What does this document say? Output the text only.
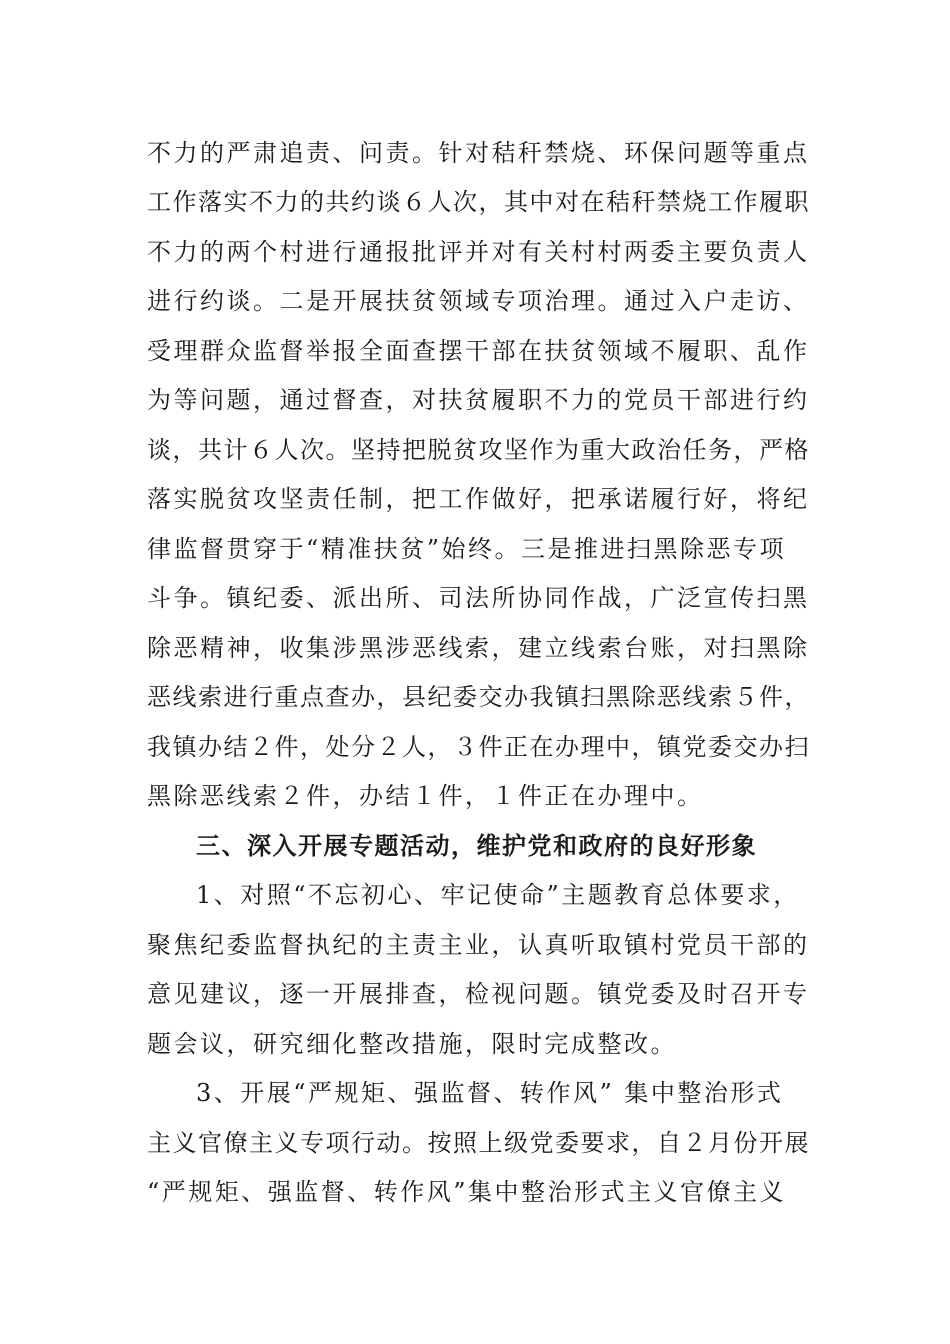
不力的严肃追责、问责。针对秸秆禁烧、环保问题等重点
工作落实不力的共约谈６人次，其中对在秸秆禁烧工作履职
不力的两个村进行通报批评并对有关村村两委主要负责人
进行约谈。二是开展扶贫领域专项治理。通过入户走访、
受理群众监督举报全面查摆干部在扶贫领域不履职、乱作
为等问题，通过督查，对扶贫履职不力的党员干部进行约
谈，共计６人次。坚持把脱贫攻坚作为重大政治任务，严格
落实脱贫攻坚责任制，把工作做好，把承诺履行好，将纪
律监督贯穿于“精准扶贫”始终。三是推进扫黑除恶专项
斗争。镇纪委、派出所、司法所协同作战，广泛宣传扫黑
除恶精神，收集涉黑涉恶线索，建立线索台账，对扫黑除
恶线索进行重点查办，县纪委交办我镇扫黑除恶线索５件，
我镇办结２件，处分２人，３件正在办理中，镇党委交办扫
黑除恶线索２件，办结１件，１件正在办理中。
三、深入开展专题活动，维护党和政府的良好形象
1、对照“不忘初心、牢记使命”主题教育总体要求，
聚焦纪委监督执纪的主责主业，认真听取镇村党员干部的
意见建议，逐一开展排查，检视问题。镇党委及时召开专
题会议，研究细化整改措施，限时完成整改。
3、开展“严规矩、强监督、转作风” 集中整治形式
主义官僚主义专项行动。按照上级党委要求，自２月份开展
“严规矩、强监督、转作风”集中整治形式主义官僚主义
